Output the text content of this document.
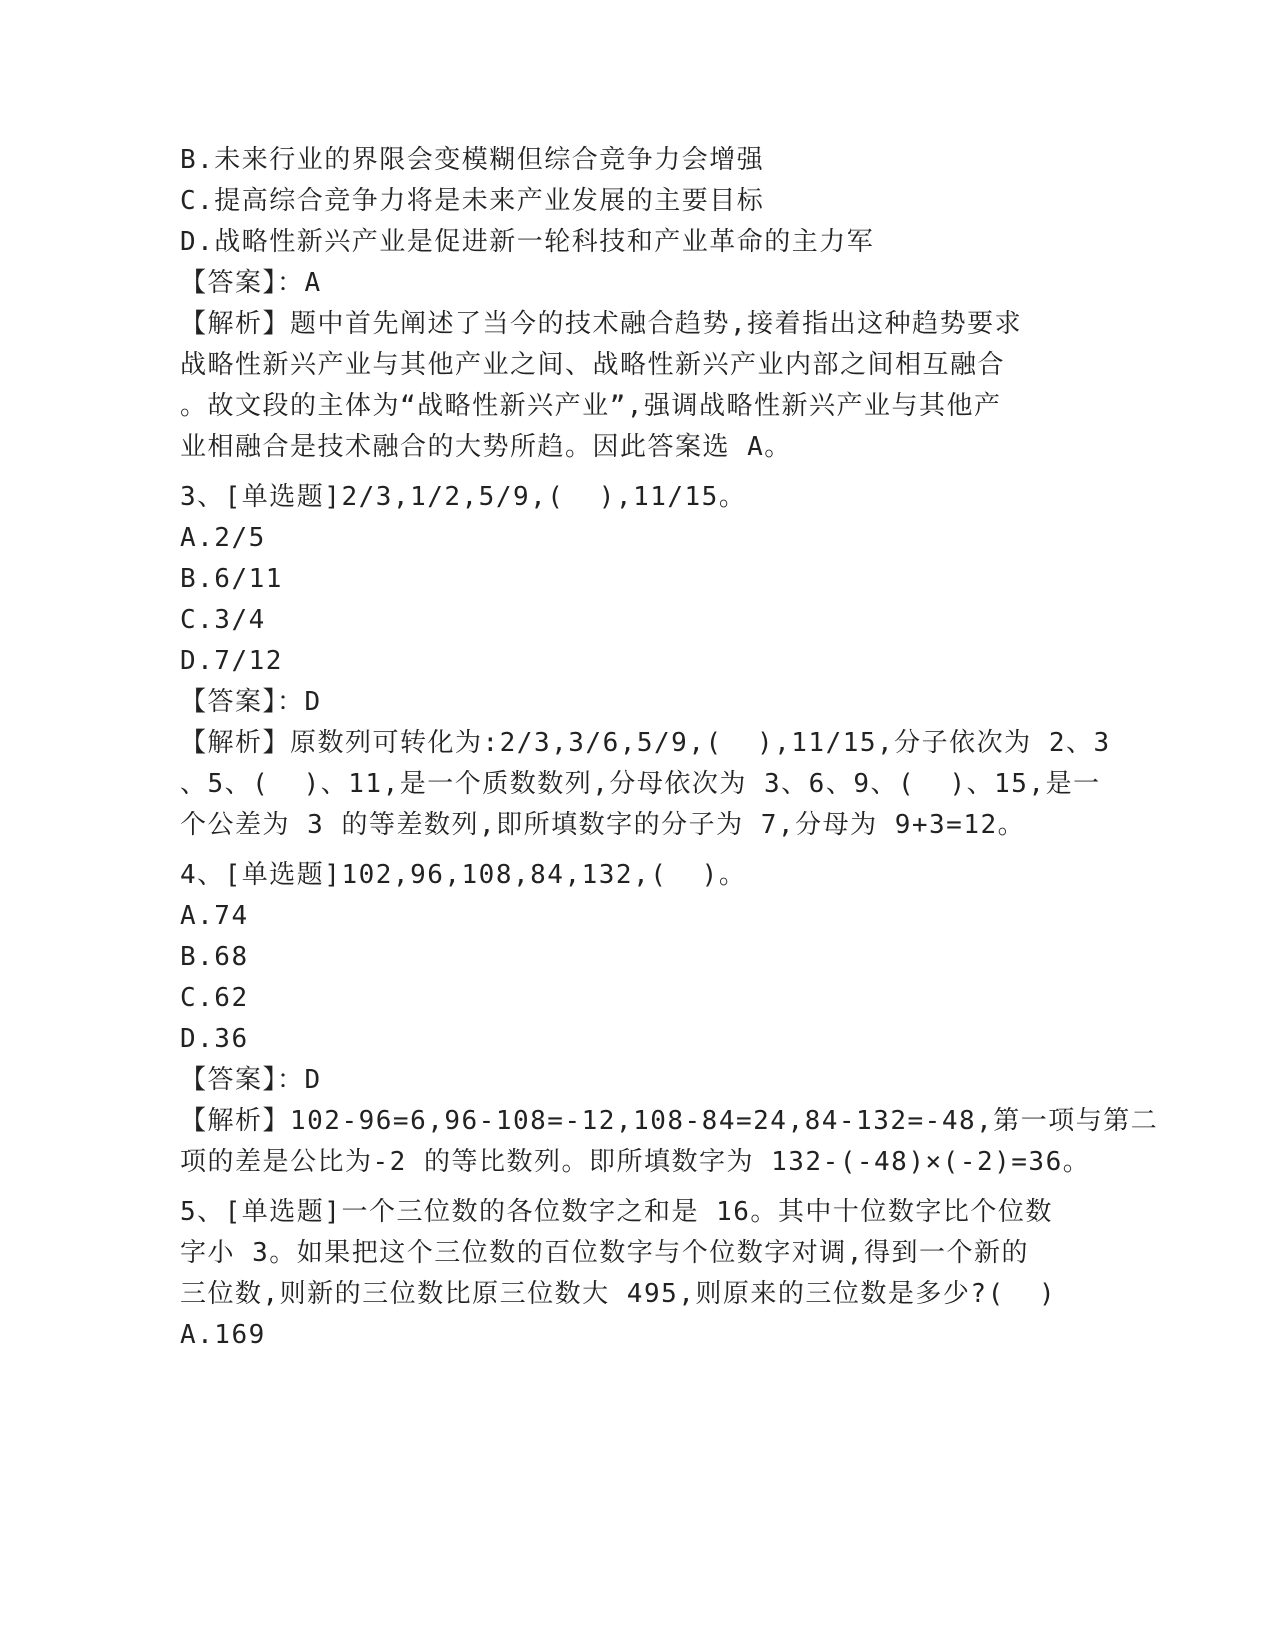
B.未来行业的界限会变模糊但综合竞争力会增强
C.提高综合竞争力将是未来产业发展的主要目标
D.战略性新兴产业是促进新一轮科技和产业革命的主力军
【答案】：A
【解析】题中首先阐述了当今的技术融合趋势,接着指出这种趋势要求
战略性新兴产业与其他产业之间、战略性新兴产业内部之间相互融合
。故文段的主体为“战略性新兴产业”,强调战略性新兴产业与其他产
业相融合是技术融合的大势所趋。因此答案选 A。
3、[单选题]2/3,1/2,5/9,(  ),11/15。
A.2/5
B.6/11
C.3/4
D.7/12
【答案】：D
【解析】原数列可转化为:2/3,3/6,5/9,(  ),11/15,分子依次为 2、3
、5、(  )、11,是一个质数数列,分母依次为 3、6、9、(  )、15,是一
个公差为 3 的等差数列,即所填数字的分子为 7,分母为 9+3=12。
4、[单选题]102,96,108,84,132,(  )。
A.74
B.68
C.62
D.36
【答案】：D
【解析】102-96=6,96-108=-12,108-84=24,84-132=-48,第一项与第二
项的差是公比为-2 的等比数列。即所填数字为 132-(-48)×(-2)=36。
5、[单选题]一个三位数的各位数字之和是 16。其中十位数字比个位数
字小 3。如果把这个三位数的百位数字与个位数字对调,得到一个新的
三位数,则新的三位数比原三位数大 495,则原来的三位数是多少?(  )
A.169
